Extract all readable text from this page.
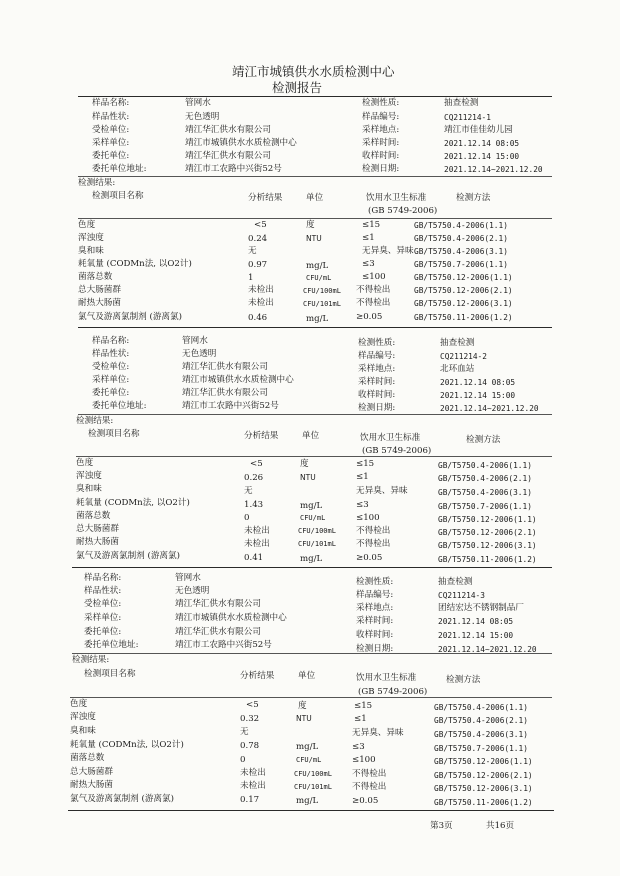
靖江市城镇供水水质检测中心
检测报告
样品名称:	管网水	检测性质:	抽查检测
样品性状:	无色透明	样品编号:	CQ211214-1
受检单位:	靖江华汇供水有限公司	采样地点:	靖江市佳佳幼儿园
采样单位:	靖江市城镇供水水质检测中心	采样时间:	2021.12.14 08:05
委托单位:	靖江华汇供水有限公司	收样时间:	2021.12.14 15:00
委托单位地址:	靖江市工农路中兴街52号	检测日期:	2021.12.14~2021.12.20
检测结果:
检测项目名称	分析结果	单位	饮用水卫生标准
(GB 5749-2006)
检测方法
色度	<5	度	≤15	GB/T5750.4-2006(1.1)
浑浊度	0.24	NTU	≤1	GB/T5750.4-2006(2.1)
臭和味	无	无异臭、异味 GB/T5750.4-2006(3.1)
耗氧量 (CODMn法, 以O2计)	0.97	mg/L	≤3	GB/T5750.7-2006(1.1)
菌落总数	1	CFU/mL	≤100	GB/T5750.12-2006(1.1)
总大肠菌群	未检出	CFU/100mL 不得检出	GB/T5750.12-2006(2.1)
耐热大肠菌	未检出	CFU/101mL 不得检出	GB/T5750.12-2006(3.1)
氯气及游离氯制剂 (游离氯)	0.46	mg/L	≥0.05	GB/T5750.11-2006(1.2)
样品名称:	管网水	检测性质:	抽查检测
样品性状:	无色透明	样品编号:	CQ211214-2
受检单位:	靖江华汇供水有限公司	采样地点:	北环血站
采样单位:	靖江市城镇供水水质检测中心	采样时间:	2021.12.14 08:05
委托单位:	靖江华汇供水有限公司	收样时间:	2021.12.14 15:00
委托单位地址:	靖江市工农路中兴街52号	检测日期:	2021.12.14~2021.12.20
检测结果:
检测项目名称	分析结果	单位	饮用水卫生标准
(GB 5749-2006)
检测方法
色度	<5	度	≤15	GB/T5750.4-2006(1.1)
浑浊度	0.26	NTU	≤1	GB/T5750.4-2006(2.1)
臭和味	无	无异臭、异味	GB/T5750.4-2006(3.1)
耗氧量 (CODMn法, 以O2计)	1.43	mg/L	≤3	GB/T5750.7-2006(1.1)
菌落总数	0	CFU/mL	≤100	GB/T5750.12-2006(1.1)
总大肠菌群	未检出	CFU/100mL 不得检出	GB/T5750.12-2006(2.1)
耐热大肠菌	未检出	CFU/101mL 不得检出	GB/T5750.12-2006(3.1)
氯气及游离氯制剂 (游离氯)	0.41	mg/L	≥0.05	GB/T5750.11-2006(1.2)
样品名称:	管网水	检测性质:	抽查检测
样品性状:	无色透明	样品编号:	CQ211214-3
受检单位:	靖江华汇供水有限公司	采样地点:	团结宏达不锈钢制品厂
采样单位:	靖江市城镇供水水质检测中心	采样时间:	2021.12.14 08:05
委托单位:	靖江华汇供水有限公司	收样时间:	2021.12.14 15:00
委托单位地址:	靖江市工农路中兴街52号	检测日期:	2021.12.14~2021.12.20
检测结果:
检测项目名称	分析结果	单位	饮用水卫生标准
(GB 5749-2006)
检测方法
色度	<5	度	≤15	GB/T5750.4-2006(1.1)
浑浊度	0.32	NTU	≤1	GB/T5750.4-2006(2.1)
臭和味	无	无异臭、异味	GB/T5750.4-2006(3.1)
耗氧量 (CODMn法, 以O2计)	0.78	mg/L	≤3	GB/T5750.7-2006(1.1)
菌落总数	0	CFU/mL	≤100	GB/T5750.12-2006(1.1)
总大肠菌群	未检出	CFU/100mL 不得检出	GB/T5750.12-2006(2.1)
耐热大肠菌	未检出	CFU/101mL 不得检出	GB/T5750.12-2006(3.1)
氯气及游离氯制剂 (游离氯)	0.17	mg/L	≥0.05	GB/T5750.11-2006(1.2)
第3页	共16页
